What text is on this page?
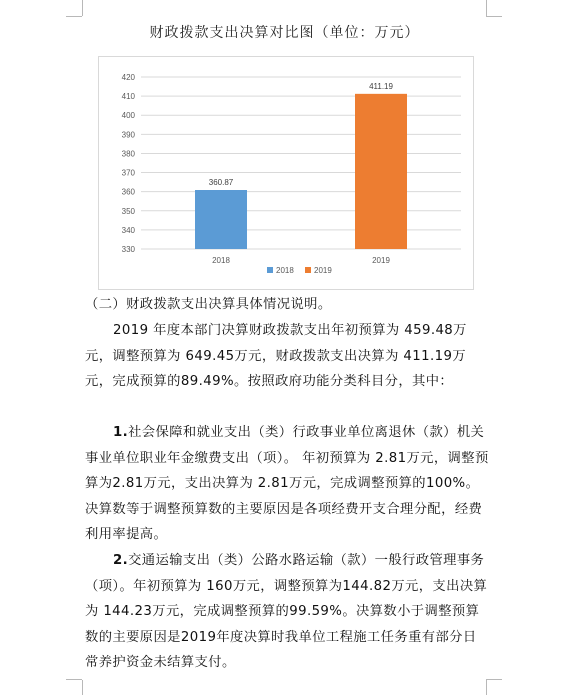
财政拨款支出决算对比图（单位：万元）
420
410
400
390
380
370
360
350
340
330
360.87
2018
411.19
2019
2018	2019

（二）财政拨款支出决算具体情况说明。

2019 年度本部门决算财政拨款支出年初预算为 459.48万元，调整预算为 649.45万元，财政拨款支出决算为 411.19万元，完成预算的89.49%。按照政府功能分类科目分，其中：

1.社会保障和就业支出（类）行政事业单位离退休（款）机关事业单位职业年金缴费支出（项）。 年初预算为 2.81万元，调整预算为2.81万元，支出决算为 2.81万元，完成调整预算的100%。决算数等于调整预算数的主要原因是各项经费开支合理分配，经费利用率提高。

2.交通运输支出（类）公路水路运输（款）一般行政管理事务（项）。年初预算为 160万元，调整预算为144.82万元，支出决算为 144.23万元，完成调整预算的99.59%。决算数小于调整预算数的主要原因是2019年度决算时我单位工程施工任务重有部分日常养护资金未结算支付。
